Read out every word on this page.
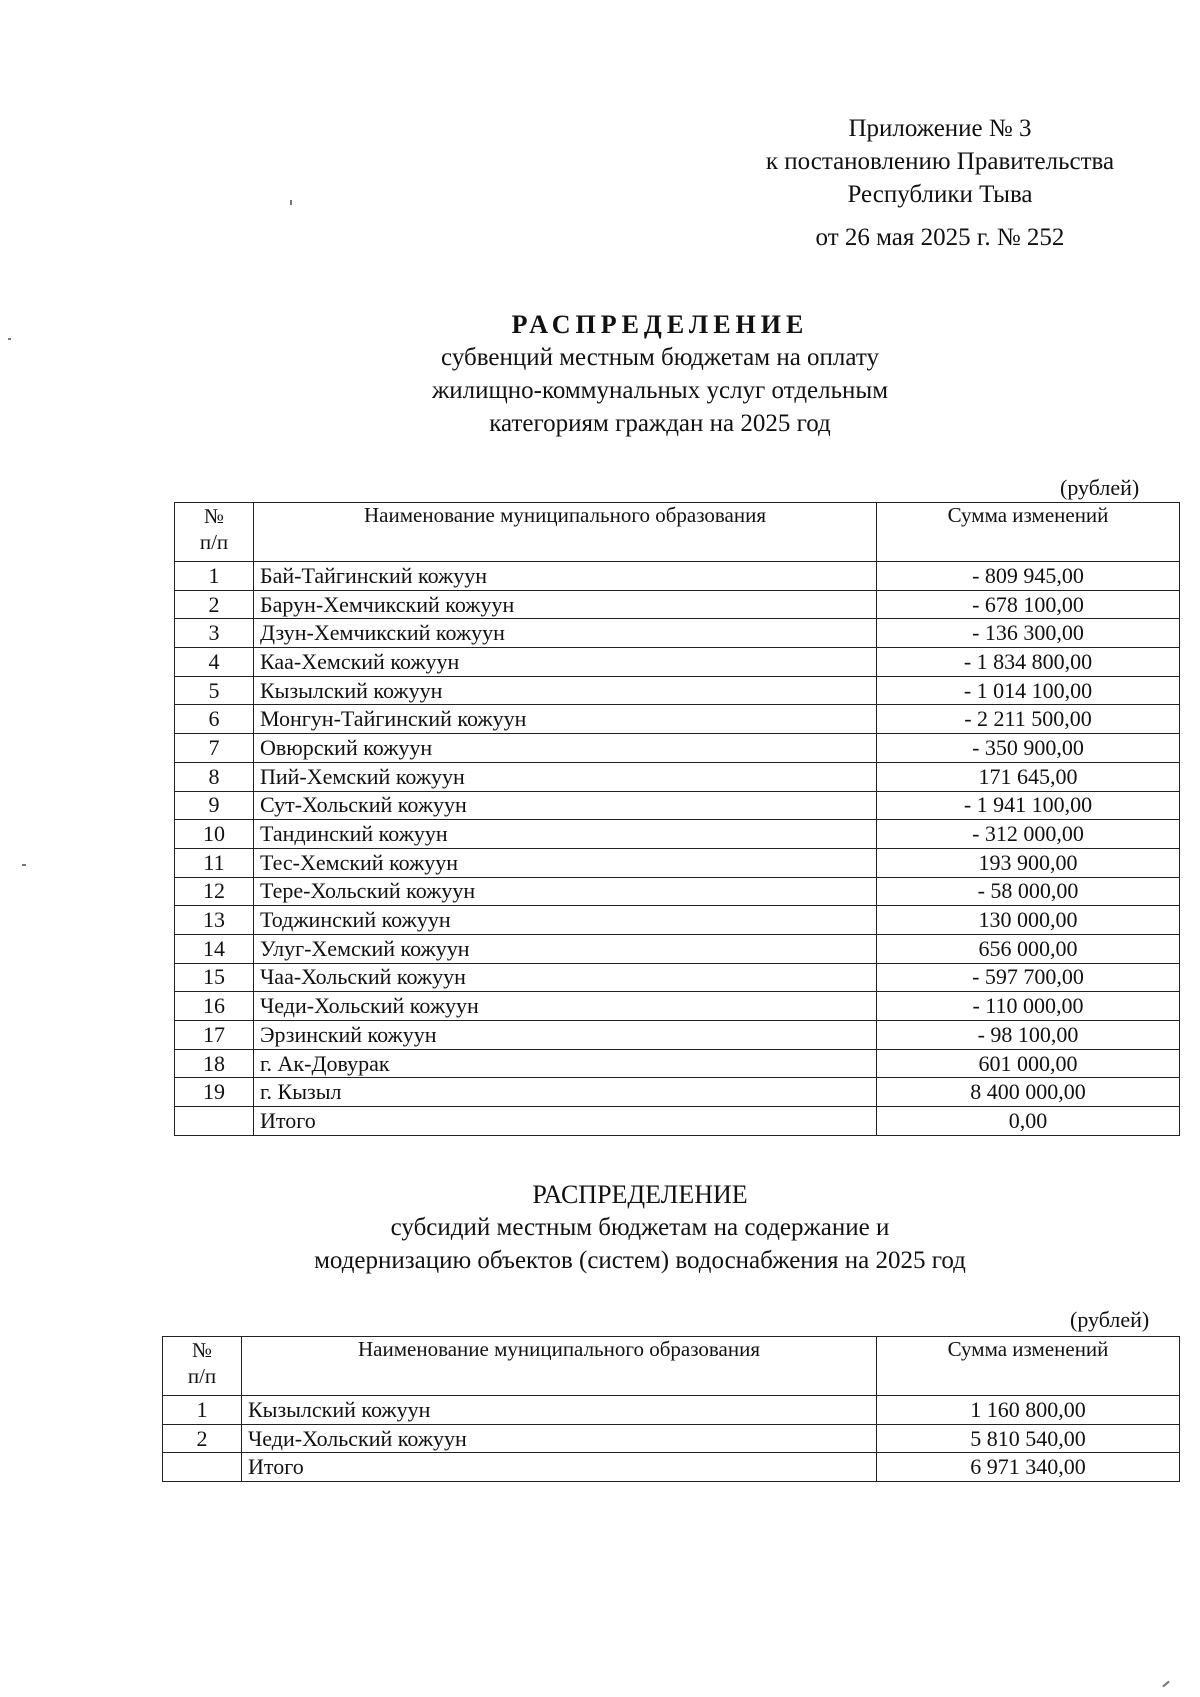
Приложение № 3
к постановлению Правительства
Республики Тыва
от 26 мая 2025 г. № 252
РАСПРЕДЕЛЕНИЕ
субвенций местным бюджетам на оплату
жилищно-коммунальных услуг отдельным
категориям граждан на 2025 год
(рублей)
№
п/п	Наименование муниципального образования	Сумма изменений
1	Бай-Тайгинский кожуун	- 809 945,00
2	Барун-Хемчикский кожуун	- 678 100,00
3	Дзун-Хемчикский кожуун	- 136 300,00
4	Каа-Хемский кожуун	- 1 834 800,00
5	Кызылский кожуун	- 1 014 100,00
6	Монгун-Тайгинский кожуун	- 2 211 500,00
7	Овюрский кожуун	- 350 900,00
8	Пий-Хемский кожуун	171 645,00
9	Сут-Хольский кожуун	- 1 941 100,00
10	Тандинский кожуун	- 312 000,00
11	Тес-Хемский кожуун	193 900,00
12	Тере-Хольский кожуун	- 58 000,00
13	Тоджинский кожуун	130 000,00
14	Улуг-Хемский кожуун	656 000,00
15	Чаа-Хольский кожуун	- 597 700,00
16	Чеди-Хольский кожуун	- 110 000,00
17	Эрзинский кожуун	- 98 100,00
18	г. Ак-Довурак	601 000,00
19	г. Кызыл	8 400 000,00
	Итого	0,00
РАСПРЕДЕЛЕНИЕ
субсидий местным бюджетам на содержание и
модернизацию объектов (систем) водоснабжения на 2025 год
(рублей)
№
п/п	Наименование муниципального образования	Сумма изменений
1	Кызылский кожуун	1 160 800,00
2	Чеди-Хольский кожуун	5 810 540,00
	Итого	6 971 340,00
